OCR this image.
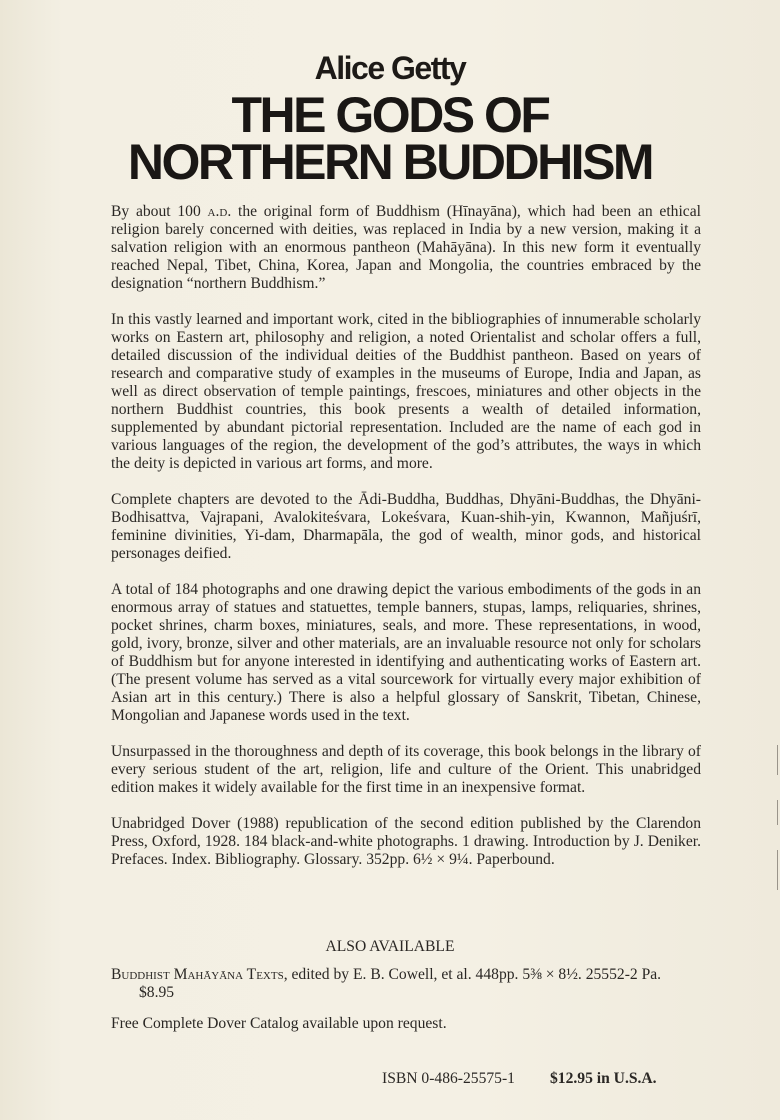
Alice Getty
THE GODS OF
NORTHERN BUDDHISM

By about 100 a.d. the original form of Buddhism (Hīnayāna), which had been an ethical religion barely concerned with deities, was replaced in India by a new version, making it a salvation religion with an enormous pantheon (Mahāyāna). In this new form it eventually reached Nepal, Tibet, China, Korea, Japan and Mongolia, the countries embraced by the designation “northern Buddhism.”

In this vastly learned and important work, cited in the bibliographies of innumerable scholarly works on Eastern art, philosophy and religion, a noted Orientalist and scholar offers a full, detailed discussion of the individual deities of the Buddhist pantheon. Based on years of research and comparative study of examples in the museums of Europe, India and Japan, as well as direct observation of temple paintings, frescoes, miniatures and other objects in the northern Buddhist countries, this book presents a wealth of detailed information, supplemented by abundant pictorial representation. Included are the name of each god in various languages of the region, the development of the god’s attributes, the ways in which the deity is depicted in various art forms, and more.

Complete chapters are devoted to the Ādi-Buddha, Buddhas, Dhyāni-Buddhas, the Dhyāni-Bodhisattva, Vajrapani, Avalokiteśvara, Lokeśvara, Kuan-shih-yin, Kwannon, Mañjuśrī, feminine divinities, Yi-dam, Dharmapāla, the god of wealth, minor gods, and historical personages deified.

A total of 184 photographs and one drawing depict the various embodiments of the gods in an enormous array of statues and statuettes, temple banners, stupas, lamps, reliquaries, shrines, pocket shrines, charm boxes, miniatures, seals, and more. These representations, in wood, gold, ivory, bronze, silver and other materials, are an invaluable resource not only for scholars of Buddhism but for anyone interested in identifying and authenticating works of Eastern art. (The present volume has served as a vital sourcework for virtually every major exhibition of Asian art in this century.) There is also a helpful glossary of Sanskrit, Tibetan, Chinese, Mongolian and Japanese words used in the text.

Unsurpassed in the thoroughness and depth of its coverage, this book belongs in the library of every serious student of the art, religion, life and culture of the Orient. This unabridged edition makes it widely available for the first time in an inexpensive format.

Unabridged Dover (1988) republication of the second edition published by the Clarendon Press, Oxford, 1928. 184 black-and-white photographs. 1 drawing. Introduction by J. Deniker. Prefaces. Index. Bibliography. Glossary. 352pp. 6½ × 9¼. Paperbound.

ALSO AVAILABLE
Buddhist Mahāyāna Texts, edited by E. B. Cowell, et al. 448pp. 5⅜ × 8½. 25552-2 Pa.
$8.95
Free Complete Dover Catalog available upon request.
ISBN 0-486-25575-1 $12.95 in U.S.A.
